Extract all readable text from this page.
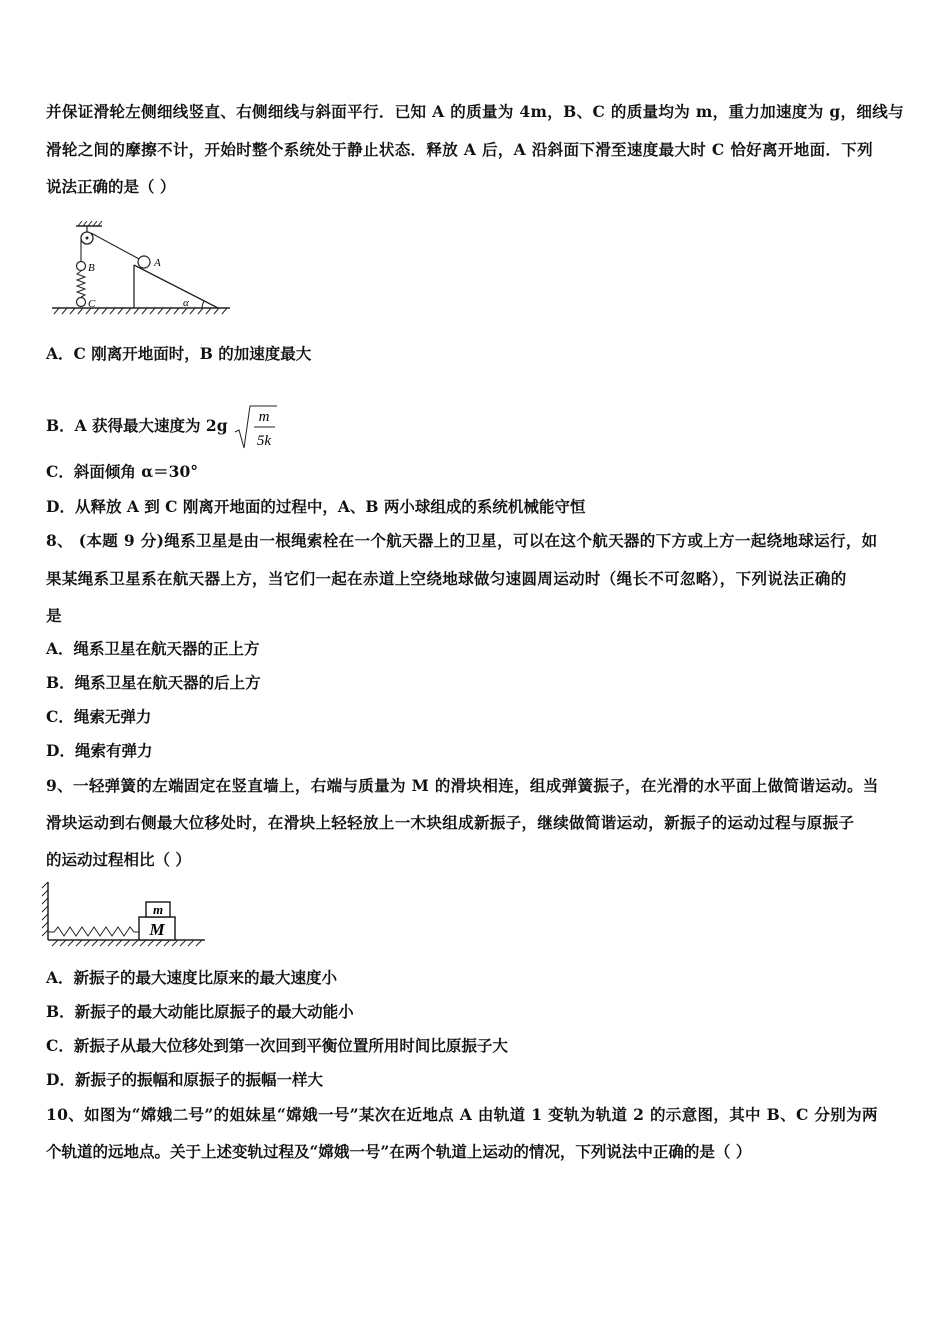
并保证滑轮左侧细线竖直、右侧细线与斜面平行．已知 A 的质量为 4m，B、C 的质量均为 m，重力加速度为 g，细线与
滑轮之间的摩擦不计，开始时整个系统处于静止状态．释放 A 后，A 沿斜面下滑至速度最大时 C 恰好离开地面．下列
说法正确的是（ ）
B
C
A
α
A．C 刚离开地面时，B 的加速度最大
B．A 获得最大速度为 2g m
5k
C．斜面倾角 α＝30°
D．从释放 A 到 C 刚离开地面的过程中，A、B 两小球组成的系统机械能守恒
8、 (本题 9 分)绳系卫星是由一根绳索栓在一个航天器上的卫星，可以在这个航天器的下方或上方一起绕地球运行，如
果某绳系卫星系在航天器上方，当它们一起在赤道上空绕地球做匀速圆周运动时（绳长不可忽略），下列说法正确的
是
A．绳系卫星在航天器的正上方
B．绳系卫星在航天器的后上方
C．绳索无弹力
D．绳索有弹力
9、一轻弹簧的左端固定在竖直墙上，右端与质量为 M 的滑块相连，组成弹簧振子，在光滑的水平面上做简谐运动。当
滑块运动到右侧最大位移处时，在滑块上轻轻放上一木块组成新振子，继续做简谐运动，新振子的运动过程与原振子
的运动过程相比（ ）
M
m
A．新振子的最大速度比原来的最大速度小
B．新振子的最大动能比原振子的最大动能小
C．新振子从最大位移处到第一次回到平衡位置所用时间比原振子大
D．新振子的振幅和原振子的振幅一样大
10、如图为“嫦娥二号”的姐妹星“嫦娥一号”某次在近地点 A 由轨道 1 变轨为轨道 2 的示意图，其中 B、C 分别为两
个轨道的远地点。关于上述变轨过程及“嫦娥一号”在两个轨道上运动的情况，下列说法中正确的是（ ）
